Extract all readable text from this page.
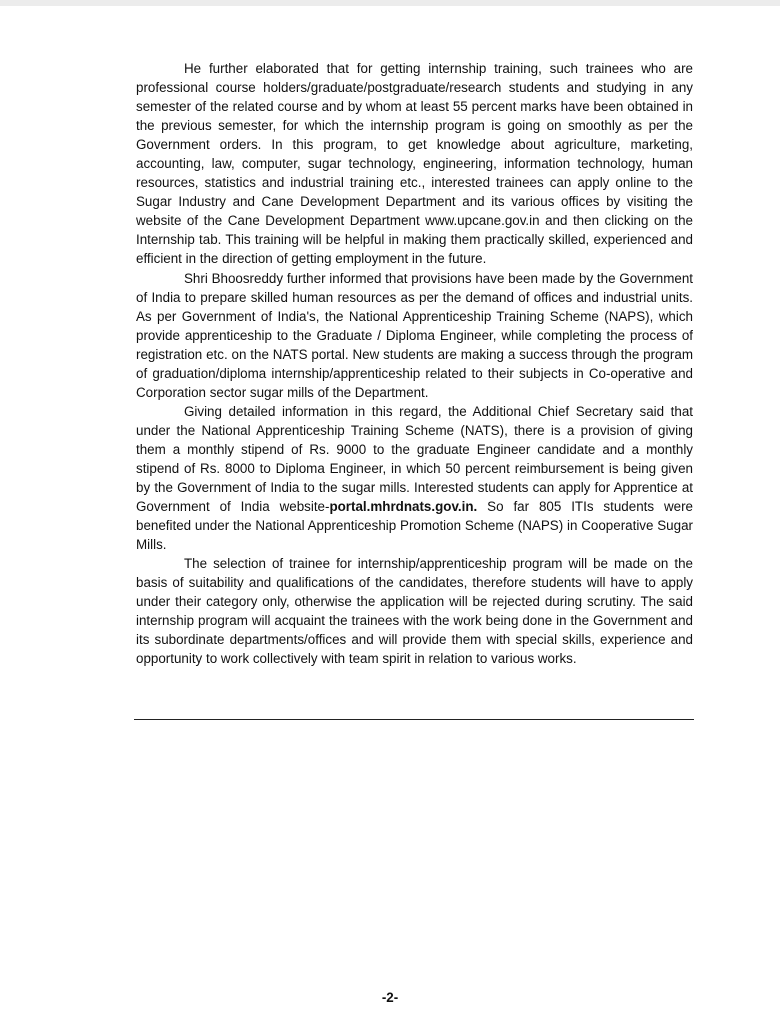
He further elaborated that for getting internship training, such trainees who are professional course holders/graduate/postgraduate/research students and studying in any semester of the related course and by whom at least 55 percent marks have been obtained in the previous semester, for which the internship program is going on smoothly as per the Government orders. In this program, to get knowledge about agriculture, marketing, accounting, law, computer, sugar technology, engineering, information technology, human resources, statistics and industrial training etc., interested trainees can apply online to the Sugar Industry and Cane Development Department and its various offices by visiting the website of the Cane Development Department www.upcane.gov.in and then clicking on the Internship tab. This training will be helpful in making them practically skilled, experienced and efficient in the direction of getting employment in the future.

Shri Bhoosreddy further informed that provisions have been made by the Government of India to prepare skilled human resources as per the demand of offices and industrial units. As per Government of India's, the National Apprenticeship Training Scheme (NAPS), which provide apprenticeship to the Graduate / Diploma Engineer, while completing the process of registration etc. on the NATS portal. New students are making a success through the program of graduation/diploma internship/apprenticeship related to their subjects in Co-operative and Corporation sector sugar mills of the Department.

Giving detailed information in this regard, the Additional Chief Secretary said that under the National Apprenticeship Training Scheme (NATS), there is a provision of giving them a monthly stipend of Rs. 9000 to the graduate Engineer candidate and a monthly stipend of Rs. 8000 to Diploma Engineer, in which 50 percent reimbursement is being given by the Government of India to the sugar mills. Interested students can apply for Apprentice at Government of India website-portal.mhrdnats.gov.in. So far 805 ITIs students were benefited under the National Apprenticeship Promotion Scheme (NAPS) in Cooperative Sugar Mills.

The selection of trainee for internship/apprenticeship program will be made on the basis of suitability and qualifications of the candidates, therefore students will have to apply under their category only, otherwise the application will be rejected during scrutiny. The said internship program will acquaint the trainees with the work being done in the Government and its subordinate departments/offices and will provide them with special skills, experience and opportunity to work collectively with team spirit in relation to various works.

-2-
